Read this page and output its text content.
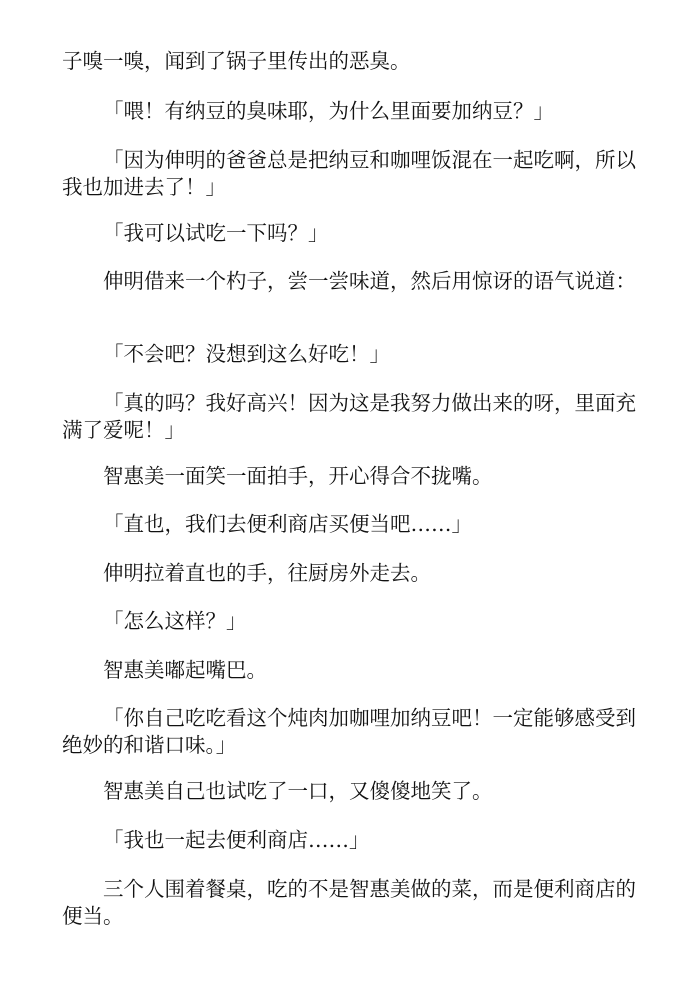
子嗅一嗅，闻到了锅子里传出的恶臭。

「喂！有纳豆的臭味耶，为什么里面要加纳豆？」

「因为伸明的爸爸总是把纳豆和咖哩饭混在一起吃啊，所以我也加进去了！」

「我可以试吃一下吗？」

伸明借来一个杓子，尝一尝味道，然后用惊讶的语气说道：

「不会吧？没想到这么好吃！」

「真的吗？我好高兴！因为这是我努力做出来的呀，里面充满了爱呢！」

智惠美一面笑一面拍手，开心得合不拢嘴。

「直也，我们去便利商店买便当吧……」

伸明拉着直也的手，往厨房外走去。

「怎么这样？」

智惠美嘟起嘴巴。

「你自己吃吃看这个炖肉加咖哩加纳豆吧！一定能够感受到绝妙的和谐口味。」

智惠美自己也试吃了一口，又傻傻地笑了。

「我也一起去便利商店……」

三个人围着餐桌，吃的不是智惠美做的菜，而是便利商店的便当。
